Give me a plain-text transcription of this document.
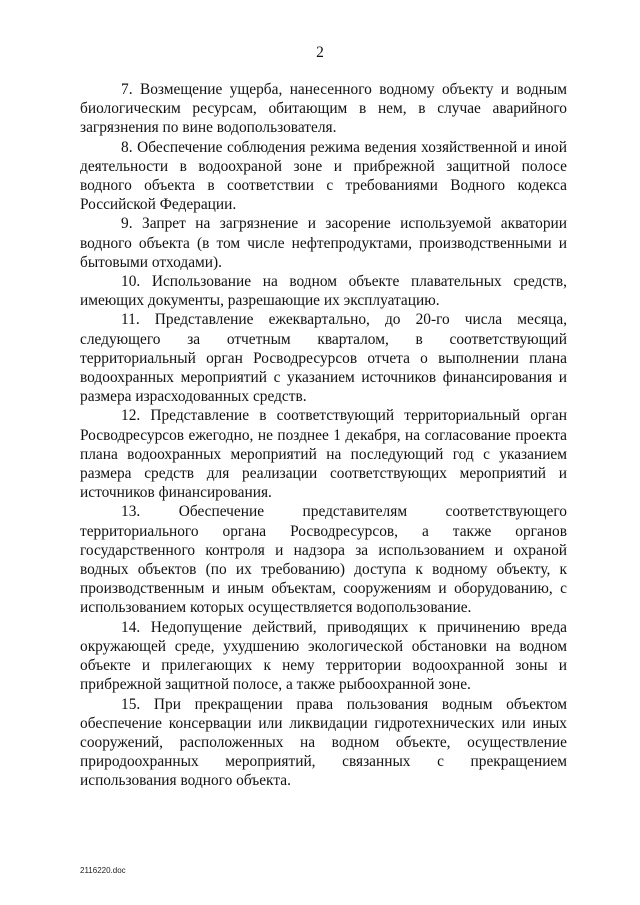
2

7. Возмещение ущерба, нанесенного водному объекту и водным биологическим ресурсам, обитающим в нем, в случае аварийного загрязнения по вине водопользователя.

8. Обеспечение соблюдения режима ведения хозяйственной и иной деятельности в водоохраной зоне и прибрежной защитной полосе водного объекта в соответствии с требованиями Водного кодекса Российской Федерации.

9. Запрет на загрязнение и засорение используемой акватории водного объекта (в том числе нефтепродуктами, производственными и бытовыми отходами).

10. Использование на водном объекте плавательных средств, имеющих документы, разрешающие их эксплуатацию.

11. Представление ежеквартально, до 20-го числа месяца, следующего за отчетным кварталом, в соответствующий территориальный орган Росводресурсов отчета о выполнении плана водоохранных мероприятий с указанием источников финансирования и размера израсходованных средств.

12. Представление в соответствующий территориальный орган Росводресурсов ежегодно, не позднее 1 декабря, на согласование проекта плана водоохранных мероприятий на последующий год с указанием размера средств для реализации соответствующих мероприятий и источников финансирования.

13. Обеспечение представителям соответствующего территориального органа Росводресурсов, а также органов государственного контроля и надзора за использованием и охраной водных объектов (по их требованию) доступа к водному объекту, к производственным и иным объектам, сооружениям и оборудованию, с использованием которых осуществляется водопользование.

14. Недопущение действий, приводящих к причинению вреда окружающей среде, ухудшению экологической обстановки на водном объекте и прилегающих к нему территории водоохранной зоны и прибрежной защитной полосе, а также рыбоохранной зоне.

15. При прекращении права пользования водным объектом обеспечение консервации или ликвидации гидротехнических или иных сооружений, расположенных на водном объекте, осуществление природоохранных мероприятий, связанных с прекращением использования водного объекта.

2116220.doc
